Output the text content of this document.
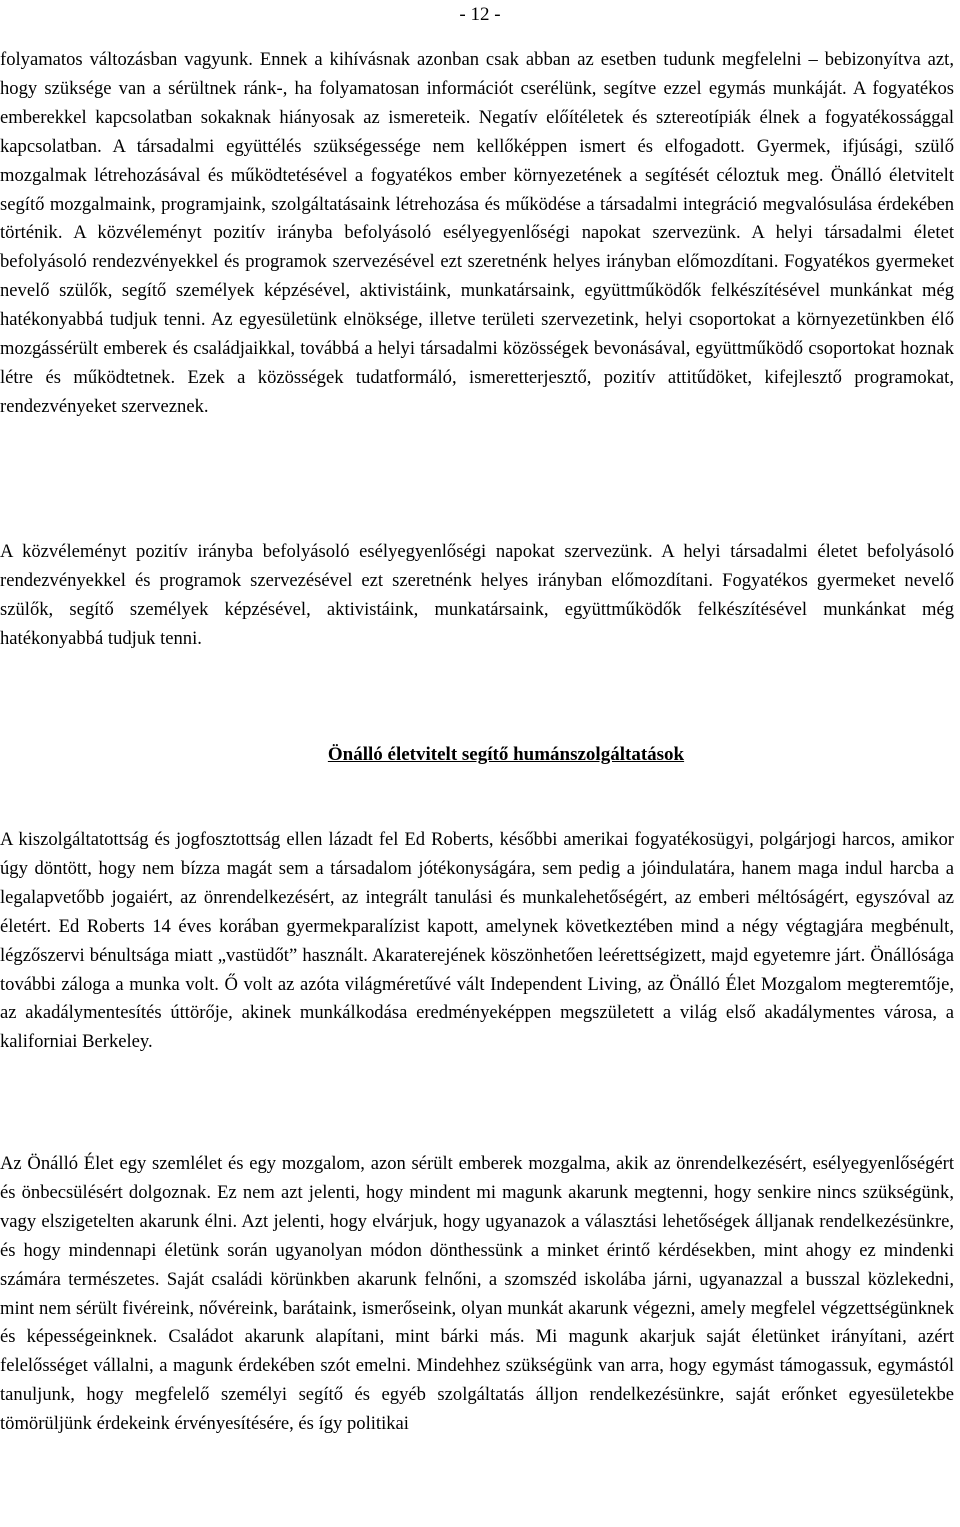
- 12 -

folyamatos változásban vagyunk. Ennek a kihívásnak azonban csak abban az esetben tudunk megfelelni – bebizonyítva azt, hogy szüksége van a sérültnek ránk-, ha folyamatosan információt cserélünk, segítve ezzel egymás munkáját. A fogyatékos emberekkel kapcsolatban sokaknak hiányosak az ismereteik. Negatív előítéletek és sztereotípiák élnek a fogyatékossággal kapcsolatban. A társadalmi együttélés szükségessége nem kellőképpen ismert és elfogadott. Gyermek, ifjúsági, szülő mozgalmak létrehozásával és működtetésével a fogyatékos ember környezetének a segítését céloztuk meg. Önálló életvitelt segítő mozgalmaink, programjaink, szolgáltatásaink létrehozása és működése a társadalmi integráció megvalósulása érdekében történik. A közvéleményt pozitív irányba befolyásoló esélyegyenlőségi napokat szervezünk. A helyi társadalmi életet befolyásoló rendezvényekkel és programok szervezésével ezt szeretnénk helyes irányban előmozdítani. Fogyatékos gyermeket nevelő szülők, segítő személyek képzésével, aktivistáink, munkatársaink, együttműködők felkészítésével munkánkat még hatékonyabbá tudjuk tenni. Az egyesületünk elnöksége, illetve területi szervezetink, helyi csoportokat a környezetünkben élő mozgássérült emberek és családjaikkal, továbbá a helyi társadalmi közösségek bevonásával, együttműködő csoportokat hoznak létre és működtetnek. Ezek a közösségek tudatformáló, ismeretterjesztő, pozitív attitűdöket, kifejlesztő programokat, rendezvényeket szerveznek.

A közvéleményt pozitív irányba befolyásoló esélyegyenlőségi napokat szervezünk. A helyi társadalmi életet befolyásoló rendezvényekkel és programok szervezésével ezt szeretnénk helyes irányban előmozdítani. Fogyatékos gyermeket nevelő szülők, segítő személyek képzésével, aktivistáink, munkatársaink, együttműködők felkészítésével munkánkat még hatékonyabbá tudjuk tenni.

Önálló életvitelt segítő humánszolgáltatások

A kiszolgáltatottság és jogfosztottság ellen lázadt fel Ed Roberts, későbbi amerikai fogyatékosügyi, polgárjogi harcos, amikor úgy döntött, hogy nem bízza magát sem a társadalom jótékonyságára, sem pedig a jóindulatára, hanem maga indul harcba a legalapvetőbb jogaiért, az önrendelkezésért, az integrált tanulási és munkalehetőségért, az emberi méltóságért, egyszóval az életért. Ed Roberts 14 éves korában gyermekparalízist kapott, amelynek következtében mind a négy végtagjára megbénult, légzőszervi bénultsága miatt „vastüdőt” használt. Akaraterejének köszönhetően leérettségizett, majd egyetemre járt. Önállósága további záloga a munka volt. Ő volt az azóta világméretűvé vált Independent Living, az Önálló Élet Mozgalom megteremtője, az akadálymentesítés úttörője, akinek munkálkodása eredményeképpen megszületett a világ első akadálymentes városa, a kaliforniai Berkeley.

Az Önálló Élet egy szemlélet és egy mozgalom, azon sérült emberek mozgalma, akik az önrendelkezésért, esélyegyenlőségért és önbecsülésért dolgoznak. Ez nem azt jelenti, hogy mindent mi magunk akarunk megtenni, hogy senkire nincs szükségünk, vagy elszigetelten akarunk élni. Azt jelenti, hogy elvárjuk, hogy ugyanazok a választási lehetőségek álljanak rendelkezésünkre, és hogy mindennapi életünk során ugyanolyan módon dönthessünk a minket érintő kérdésekben, mint ahogy ez mindenki számára természetes. Saját családi körünkben akarunk felnőni, a szomszéd iskolába járni, ugyanazzal a busszal közlekedni, mint nem sérült fivéreink, nővéreink, barátaink, ismerőseink, olyan munkát akarunk végezni, amely megfelel végzettségünknek és képességeinknek. Családot akarunk alapítani, mint bárki más. Mi magunk akarjuk saját életünket irányítani, azért felelősséget vállalni, a magunk érdekében szót emelni. Mindehhez szükségünk van arra, hogy egymást támogassuk, egymástól tanuljunk, hogy megfelelő személyi segítő és egyéb szolgáltatás álljon rendelkezésünkre, saját erőnket egyesületekbe tömörüljünk érdekeink érvényesítésére, és így politikai
